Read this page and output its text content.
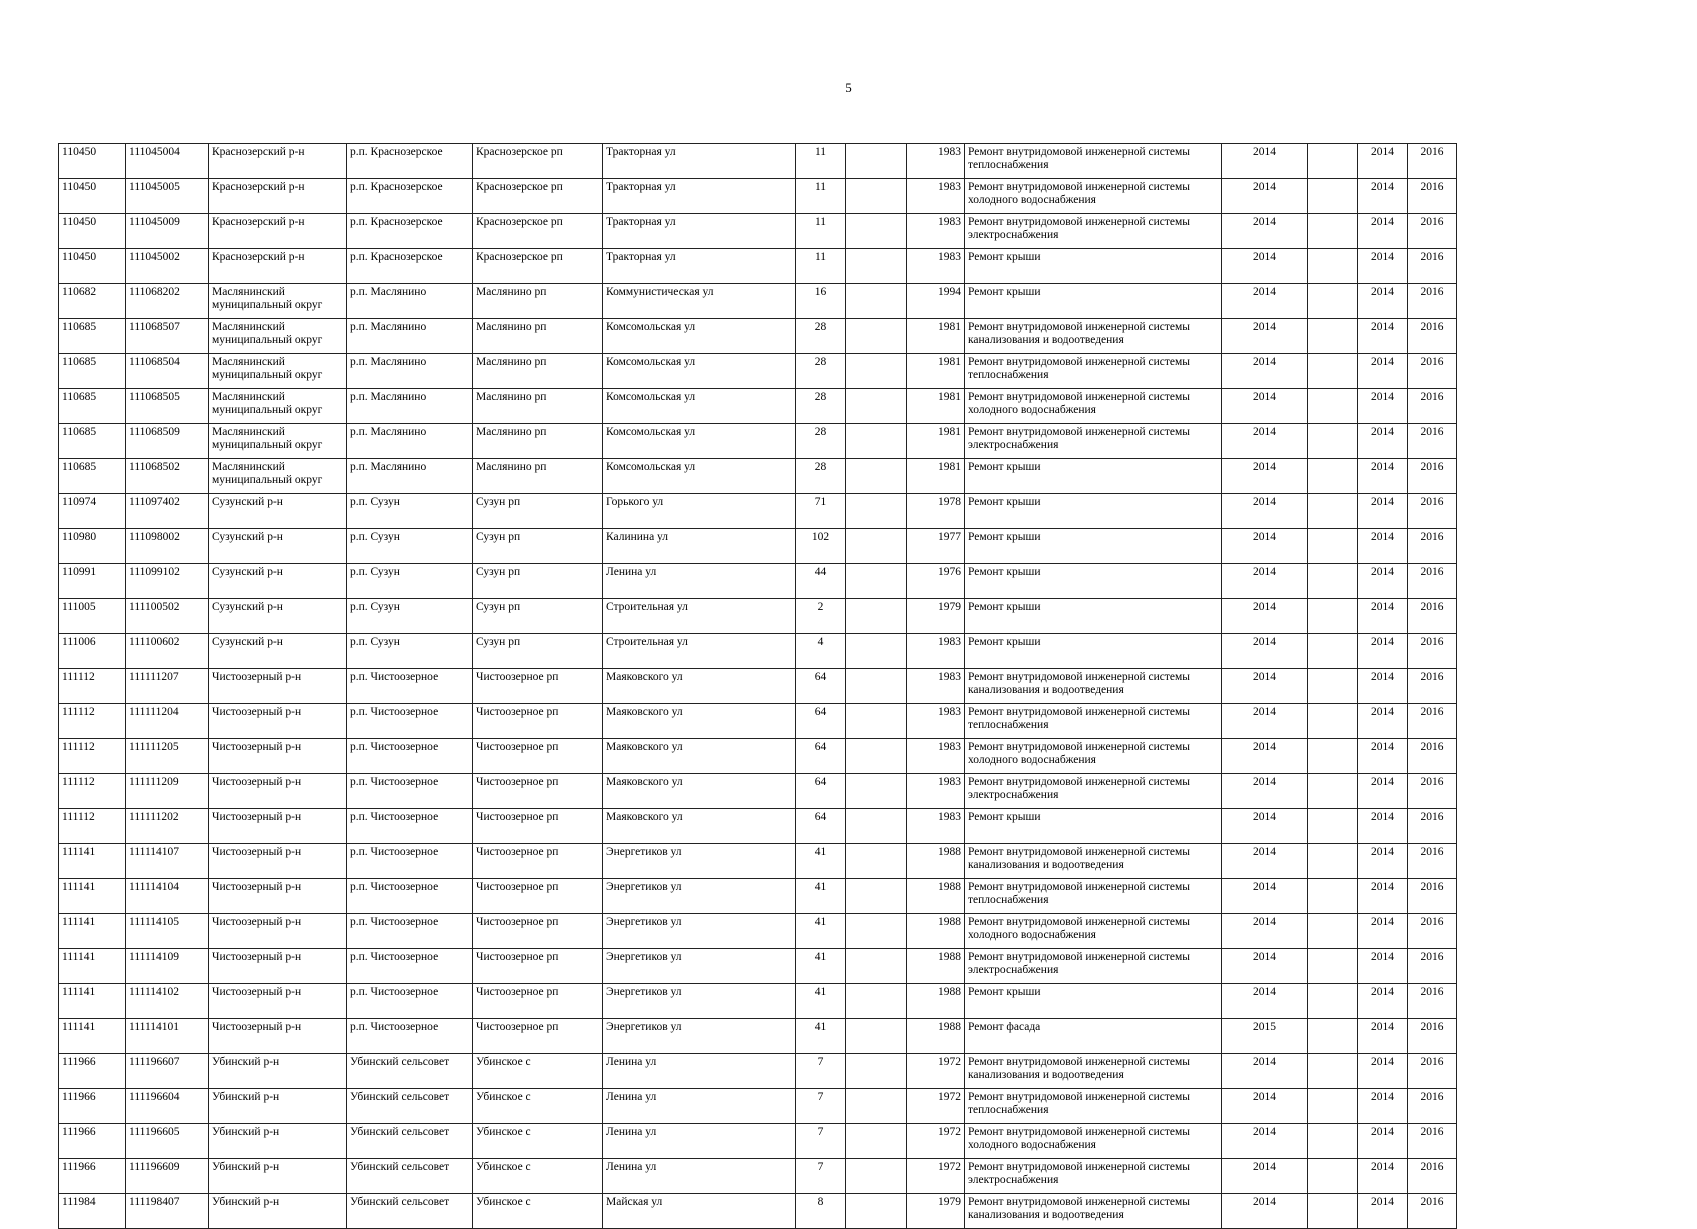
5
110450	111045004	Краснозерский р-н	р.п. Краснозерское	Краснозерское рп	Тракторная ул	11		1983	Ремонт внутридомовой инженерной системы теплоснабжения	2014		2014	2016
110450	111045005	Краснозерский р-н	р.п. Краснозерское	Краснозерское рп	Тракторная ул	11		1983	Ремонт внутридомовой инженерной системы холодного водоснабжения	2014		2014	2016
110450	111045009	Краснозерский р-н	р.п. Краснозерское	Краснозерское рп	Тракторная ул	11		1983	Ремонт внутридомовой инженерной системы электроснабжения	2014		2014	2016
110450	111045002	Краснозерский р-н	р.п. Краснозерское	Краснозерское рп	Тракторная ул	11		1983	Ремонт крыши	2014		2014	2016
110682	111068202	Маслянинский муниципальный округ	р.п. Маслянино	Маслянино рп	Коммунистическая ул	16		1994	Ремонт крыши	2014		2014	2016
110685	111068507	Маслянинский муниципальный округ	р.п. Маслянино	Маслянино рп	Комсомольская ул	28		1981	Ремонт внутридомовой инженерной системы канализования и водоотведения	2014		2014	2016
110685	111068504	Маслянинский муниципальный округ	р.п. Маслянино	Маслянино рп	Комсомольская ул	28		1981	Ремонт внутридомовой инженерной системы теплоснабжения	2014		2014	2016
110685	111068505	Маслянинский муниципальный округ	р.п. Маслянино	Маслянино рп	Комсомольская ул	28		1981	Ремонт внутридомовой инженерной системы холодного водоснабжения	2014		2014	2016
110685	111068509	Маслянинский муниципальный округ	р.п. Маслянино	Маслянино рп	Комсомольская ул	28		1981	Ремонт внутридомовой инженерной системы электроснабжения	2014		2014	2016
110685	111068502	Маслянинский муниципальный округ	р.п. Маслянино	Маслянино рп	Комсомольская ул	28		1981	Ремонт крыши	2014		2014	2016
110974	111097402	Сузунский р-н	р.п. Сузун	Сузун рп	Горького ул	71		1978	Ремонт крыши	2014		2014	2016
110980	111098002	Сузунский р-н	р.п. Сузун	Сузун рп	Калинина ул	102		1977	Ремонт крыши	2014		2014	2016
110991	111099102	Сузунский р-н	р.п. Сузун	Сузун рп	Ленина ул	44		1976	Ремонт крыши	2014		2014	2016
111005	111100502	Сузунский р-н	р.п. Сузун	Сузун рп	Строительная ул	2		1979	Ремонт крыши	2014		2014	2016
111006	111100602	Сузунский р-н	р.п. Сузун	Сузун рп	Строительная ул	4		1983	Ремонт крыши	2014		2014	2016
111112	111111207	Чистоозерный р-н	р.п. Чистоозерное	Чистоозерное рп	Маяковского ул	64		1983	Ремонт внутридомовой инженерной системы канализования и водоотведения	2014		2014	2016
111112	111111204	Чистоозерный р-н	р.п. Чистоозерное	Чистоозерное рп	Маяковского ул	64		1983	Ремонт внутридомовой инженерной системы теплоснабжения	2014		2014	2016
111112	111111205	Чистоозерный р-н	р.п. Чистоозерное	Чистоозерное рп	Маяковского ул	64		1983	Ремонт внутридомовой инженерной системы холодного водоснабжения	2014		2014	2016
111112	111111209	Чистоозерный р-н	р.п. Чистоозерное	Чистоозерное рп	Маяковского ул	64		1983	Ремонт внутридомовой инженерной системы электроснабжения	2014		2014	2016
111112	111111202	Чистоозерный р-н	р.п. Чистоозерное	Чистоозерное рп	Маяковского ул	64		1983	Ремонт крыши	2014		2014	2016
111141	111114107	Чистоозерный р-н	р.п. Чистоозерное	Чистоозерное рп	Энергетиков ул	41		1988	Ремонт внутридомовой инженерной системы канализования и водоотведения	2014		2014	2016
111141	111114104	Чистоозерный р-н	р.п. Чистоозерное	Чистоозерное рп	Энергетиков ул	41		1988	Ремонт внутридомовой инженерной системы теплоснабжения	2014		2014	2016
111141	111114105	Чистоозерный р-н	р.п. Чистоозерное	Чистоозерное рп	Энергетиков ул	41		1988	Ремонт внутридомовой инженерной системы холодного водоснабжения	2014		2014	2016
111141	111114109	Чистоозерный р-н	р.п. Чистоозерное	Чистоозерное рп	Энергетиков ул	41		1988	Ремонт внутридомовой инженерной системы электроснабжения	2014		2014	2016
111141	111114102	Чистоозерный р-н	р.п. Чистоозерное	Чистоозерное рп	Энергетиков ул	41		1988	Ремонт крыши	2014		2014	2016
111141	111114101	Чистоозерный р-н	р.п. Чистоозерное	Чистоозерное рп	Энергетиков ул	41		1988	Ремонт фасада	2015		2014	2016
111966	111196607	Убинский р-н	Убинский сельсовет	Убинское с	Ленина ул	7		1972	Ремонт внутридомовой инженерной системы канализования и водоотведения	2014		2014	2016
111966	111196604	Убинский р-н	Убинский сельсовет	Убинское с	Ленина ул	7		1972	Ремонт внутридомовой инженерной системы теплоснабжения	2014		2014	2016
111966	111196605	Убинский р-н	Убинский сельсовет	Убинское с	Ленина ул	7		1972	Ремонт внутридомовой инженерной системы холодного водоснабжения	2014		2014	2016
111966	111196609	Убинский р-н	Убинский сельсовет	Убинское с	Ленина ул	7		1972	Ремонт внутридомовой инженерной системы электроснабжения	2014		2014	2016
111984	111198407	Убинский р-н	Убинский сельсовет	Убинское с	Майская ул	8		1979	Ремонт внутридомовой инженерной системы канализования и водоотведения	2014		2014	2016
